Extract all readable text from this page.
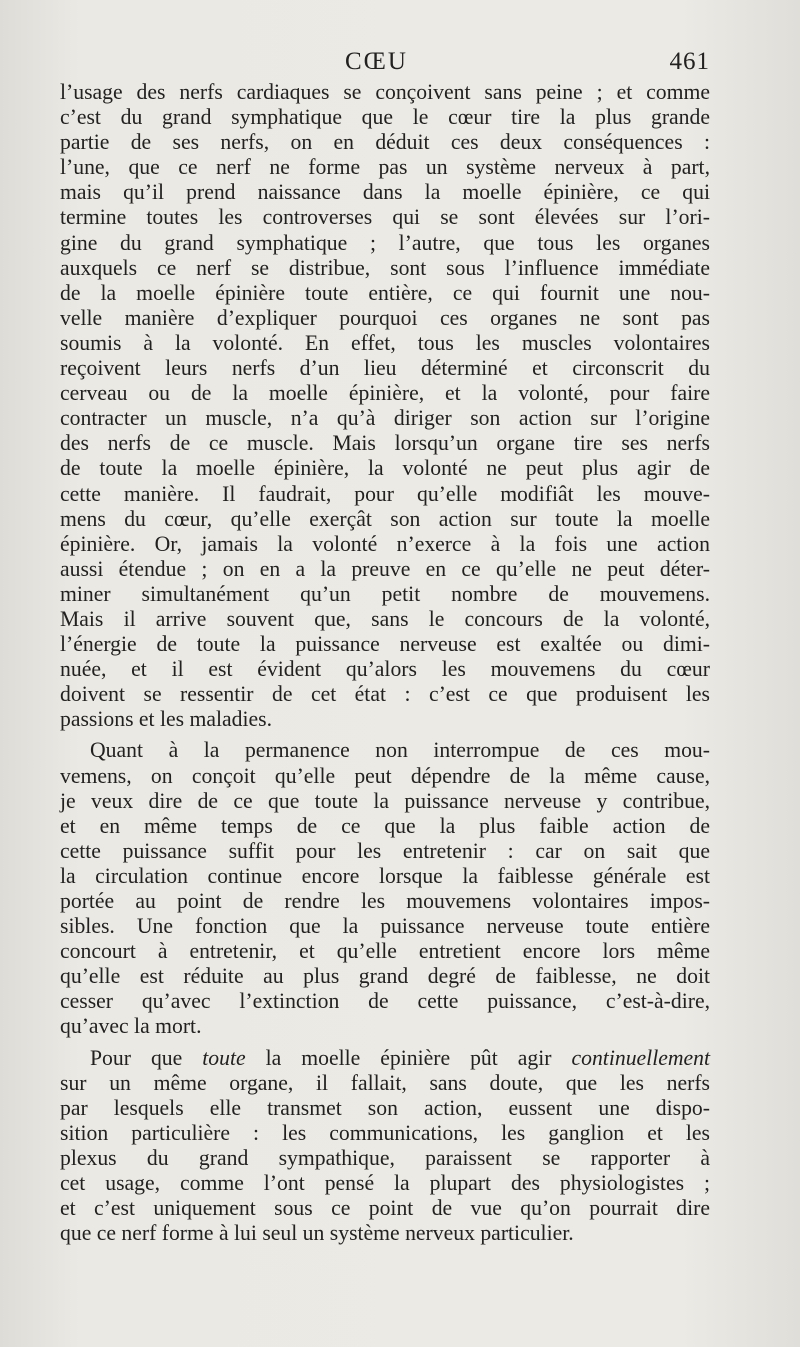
CŒU	461
l’usage des nerfs cardiaques se conçoivent sans peine ; et comme
c’est du grand symphatique que le cœur tire la plus grande
partie de ses nerfs, on en déduit ces deux conséquences :
l’une, que ce nerf ne forme pas un système nerveux à part,
mais qu’il prend naissance dans la moelle épinière, ce qui
termine toutes les controverses qui se sont élevées sur l’ori-
gine du grand symphatique ; l’autre, que tous les organes
auxquels ce nerf se distribue, sont sous l’influence immédiate
de la moelle épinière toute entière, ce qui fournit une nou-
velle manière d’expliquer pourquoi ces organes ne sont pas
soumis à la volonté. En effet, tous les muscles volontaires
reçoivent leurs nerfs d’un lieu déterminé et circonscrit du
cerveau ou de la moelle épinière, et la volonté, pour faire
contracter un muscle, n’a qu’à diriger son action sur l’origine
des nerfs de ce muscle. Mais lorsqu’un organe tire ses nerfs
de toute la moelle épinière, la volonté ne peut plus agir de
cette manière. Il faudrait, pour qu’elle modifiât les mouve-
mens du cœur, qu’elle exerçât son action sur toute la moelle
épinière. Or, jamais la volonté n’exerce à la fois une action
aussi étendue ; on en a la preuve en ce qu’elle ne peut déter-
miner simultanément qu’un petit nombre de mouvemens.
Mais il arrive souvent que, sans le concours de la volonté,
l’énergie de toute la puissance nerveuse est exaltée ou dimi-
nuée, et il est évident qu’alors les mouvemens du cœur
doivent se ressentir de cet état : c’est ce que produisent les
passions et les maladies.
Quant à la permanence non interrompue de ces mou-
vemens, on conçoit qu’elle peut dépendre de la même cause,
je veux dire de ce que toute la puissance nerveuse y contribue,
et en même temps de ce que la plus faible action de
cette puissance suffit pour les entretenir : car on sait que
la circulation continue encore lorsque la faiblesse générale est
portée au point de rendre les mouvemens volontaires impos-
sibles. Une fonction que la puissance nerveuse toute entière
concourt à entretenir, et qu’elle entretient encore lors même
qu’elle est réduite au plus grand degré de faiblesse, ne doit
cesser qu’avec l’extinction de cette puissance, c’est-à-dire,
qu’avec la mort.
Pour que toute la moelle épinière pût agir continuellement
sur un même organe, il fallait, sans doute, que les nerfs
par lesquels elle transmet son action, eussent une dispo-
sition particulière : les communications, les ganglion et les
plexus du grand sympathique, paraissent se rapporter à
cet usage, comme l’ont pensé la plupart des physiologistes ;
et c’est uniquement sous ce point de vue qu’on pourrait dire
que ce nerf forme à lui seul un système nerveux particulier.
